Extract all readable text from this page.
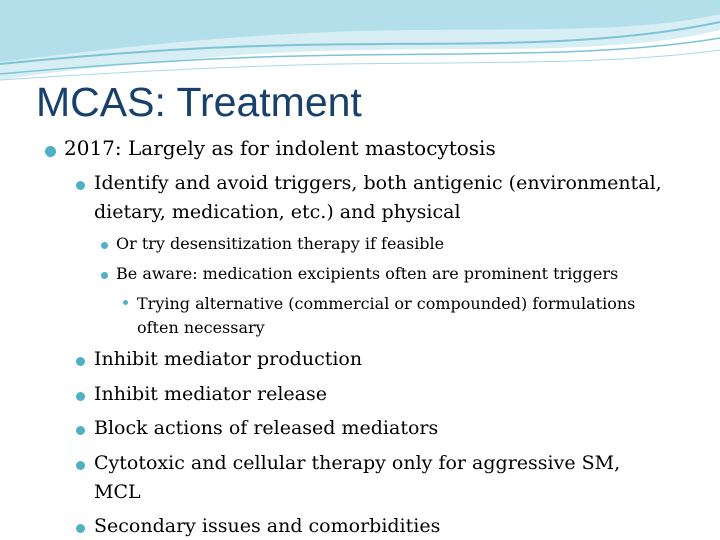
MCAS: Treatment
2017: Largely as for indolent mastocytosis
Identify and avoid triggers, both antigenic (environmental,
dietary, medication, etc.) and physical
Or try desensitization therapy if feasible
Be aware: medication excipients often are prominent triggers
Trying alternative (commercial or compounded) formulations
often necessary
Inhibit mediator production
Inhibit mediator release
Block actions of released mediators
Cytotoxic and cellular therapy only for aggressive SM,
MCL
Secondary issues and comorbidities
